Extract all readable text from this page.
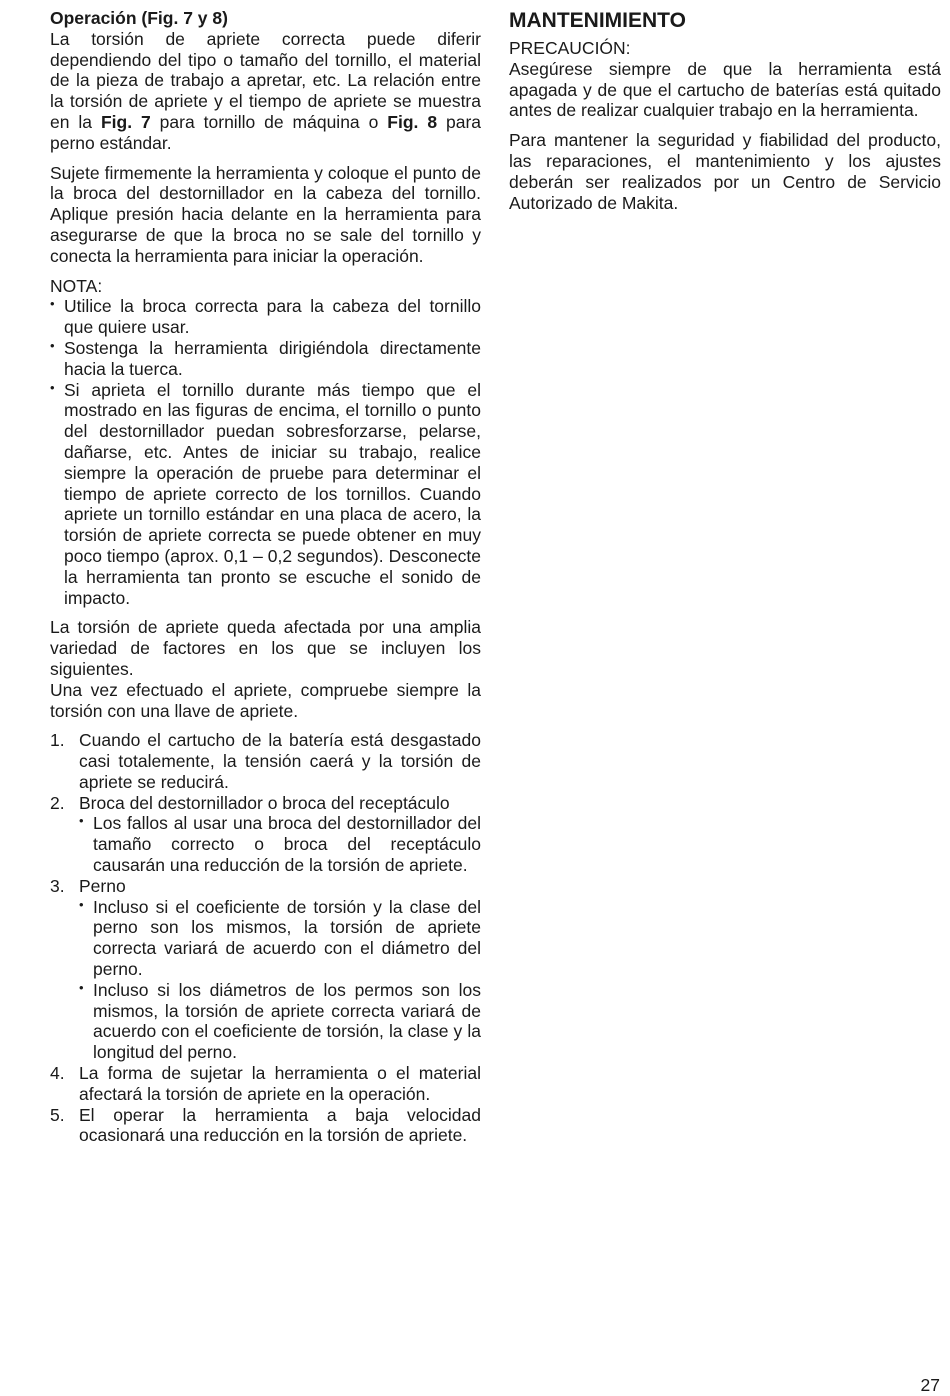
Operación (Fig. 7 y 8)

La torsión de apriete correcta puede diferir dependiendo del tipo o tamaño del tornillo, el material de la pieza de trabajo a apretar, etc. La relación entre la torsión de apriete y el tiempo de apriete se muestra en la Fig. 7 para tornillo de máquina o Fig. 8 para perno estándar.

Sujete firmemente la herramienta y coloque el punto de la broca del destornillador en la cabeza del tornillo. Aplique presión hacia delante en la herramienta para asegurarse de que la broca no se sale del tornillo y conecta la herramienta para iniciar la operación.

NOTA:
• Utilice la broca correcta para la cabeza del tornillo que quiere usar.
• Sostenga la herramienta dirigiéndola directamente hacia la tuerca.
• Si aprieta el tornillo durante más tiempo que el mostrado en las figuras de encima, el tornillo o punto del destornillador puedan sobresforzarse, pelarse, dañarse, etc. Antes de iniciar su trabajo, realice siempre la operación de pruebe para determinar el tiempo de apriete correcto de los tornillos. Cuando apriete un tornillo estándar en una placa de acero, la torsión de apriete correcta se puede obtener en muy poco tiempo (aprox. 0,1 – 0,2 segundos). Desconecte la herramienta tan pronto se escuche el sonido de impacto.

La torsión de apriete queda afectada por una amplia variedad de factores en los que se incluyen los siguientes.

Una vez efectuado el apriete, compruebe siempre la torsión con una llave de apriete.

1. Cuando el cartucho de la batería está desgastado casi totalemente, la tensión caerá y la torsión de apriete se reducirá.
2. Broca del destornillador o broca del receptáculo
• Los fallos al usar una broca del destornillador del tamaño correcto o broca del receptáculo causarán una reducción de la torsión de apriete.
3. Perno
• Incluso si el coeficiente de torsión y la clase del perno son los mismos, la torsión de apriete correcta variará de acuerdo con el diámetro del perno.
• Incluso si los diámetros de los permos son los mismos, la torsión de apriete correcta variará de acuerdo con el coeficiente de torsión, la clase y la longitud del perno.
4. La forma de sujetar la herramienta o el material afectará la torsión de apriete en la operación.
5. El operar la herramienta a baja velocidad ocasionará una reducción en la torsión de apriete.
MANTENIMIENTO
PRECAUCIÓN:

Asegúrese siempre de que la herramienta está apagada y de que el cartucho de baterías está quitado antes de realizar cualquier trabajo en la herramienta.

Para mantener la seguridad y fiabilidad del producto, las reparaciones, el mantenimiento y los ajustes deberán ser realizados por un Centro de Servicio Autorizado de Makita.

27
